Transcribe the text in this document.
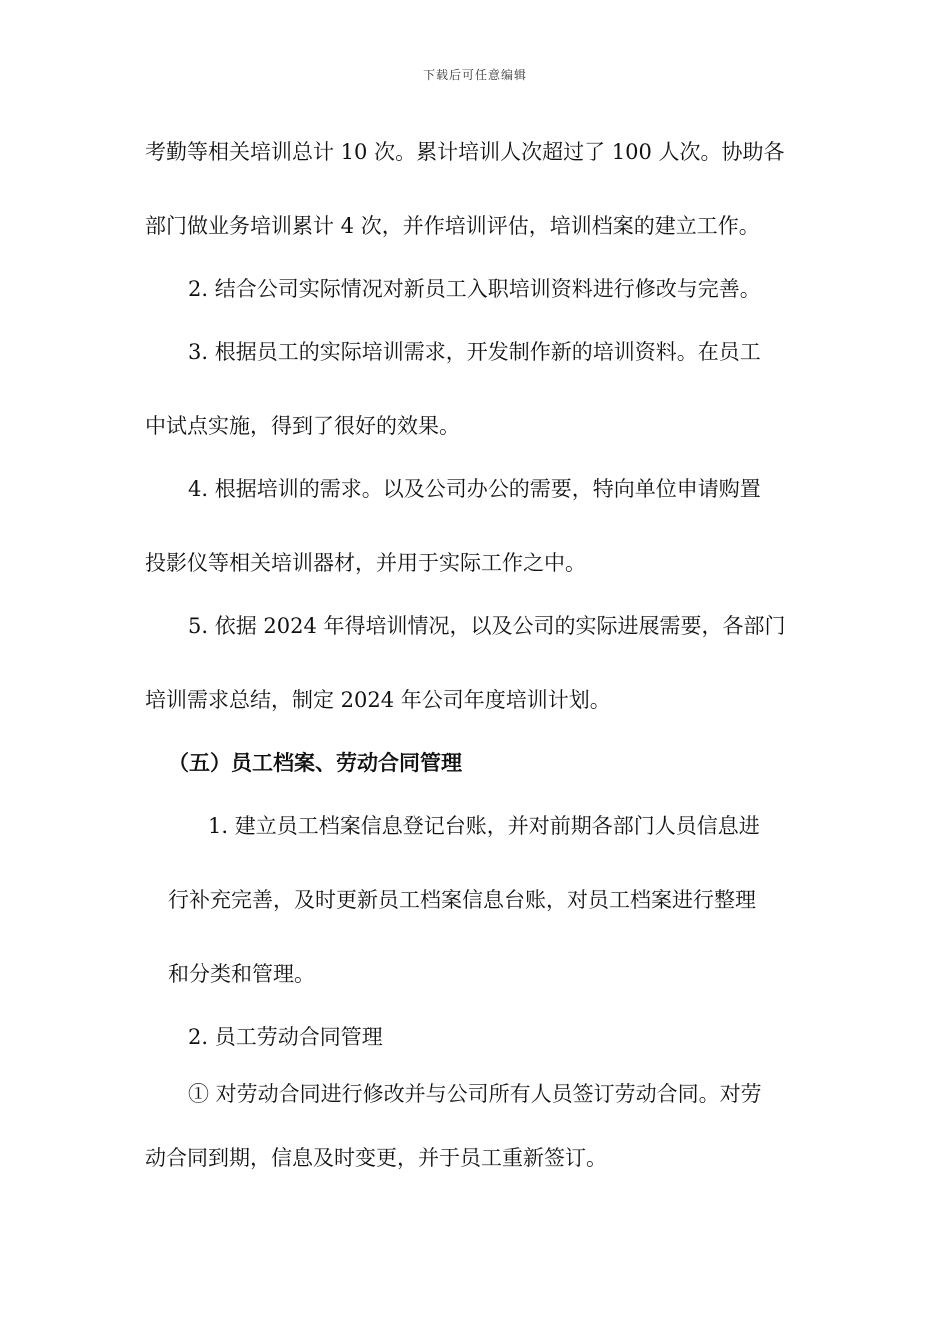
下载后可任意编辑
考勤等相关培训总计 10 次。累计培训人次超过了 100 人次。协助各
部门做业务培训累计 4 次，并作培训评估，培训档案的建立工作。
2. 结合公司实际情况对新员工入职培训资料进行修改与完善。
3. 根据员工的实际培训需求，开发制作新的培训资料。在员工
中试点实施，得到了很好的效果。
4. 根据培训的需求。以及公司办公的需要，特向单位申请购置
投影仪等相关培训器材，并用于实际工作之中。
5. 依据 2024 年得培训情况，以及公司的实际进展需要，各部门
培训需求总结，制定 2024 年公司年度培训计划。
（五）员工档案、劳动合同管理
1. 建立员工档案信息登记台账，并对前期各部门人员信息进
行补充完善，及时更新员工档案信息台账，对员工档案进行整理
和分类和管理。
2. 员工劳动合同管理
① 对劳动合同进行修改并与公司所有人员签订劳动合同。对劳
动合同到期，信息及时变更，并于员工重新签订。
